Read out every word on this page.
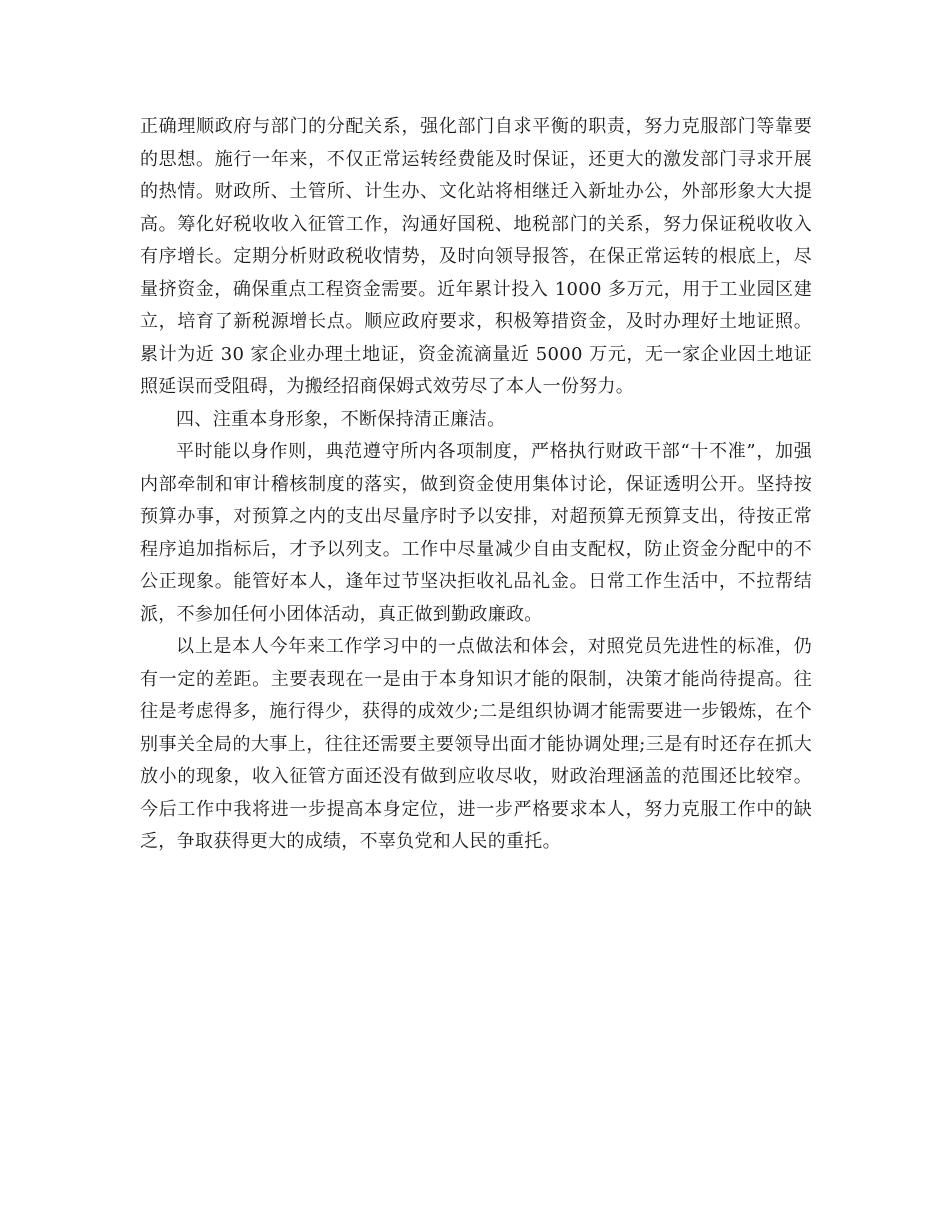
正确理顺政府与部门的分配关系，强化部门自求平衡的职责，努力克服部门等靠要的思想。施行一年来，不仅正常运转经费能及时保证，还更大的激发部门寻求开展的热情。财政所、土管所、计生办、文化站将相继迁入新址办公，外部形象大大提高。筹化好税收收入征管工作，沟通好国税、地税部门的关系，努力保证税收收入有序增长。定期分析财政税收情势，及时向领导报答，在保正常运转的根底上，尽量挤资金，确保重点工程资金需要。近年累计投入 1000 多万元，用于工业园区建立，培育了新税源增长点。顺应政府要求，积极筹措资金，及时办理好土地证照。累计为近 30 家企业办理土地证，资金流滴量近 5000 万元，无一家企业因土地证照延误而受阻碍，为搬经招商保姆式效劳尽了本人一份努力。

四、注重本身形象，不断保持清正廉洁。

平时能以身作则，典范遵守所内各项制度，严格执行财政干部“十不准”，加强内部牵制和审计稽核制度的落实，做到资金使用集体讨论，保证透明公开。坚持按预算办事，对预算之内的支出尽量序时予以安排，对超预算无预算支出，待按正常程序追加指标后，才予以列支。工作中尽量减少自由支配权，防止资金分配中的不公正现象。能管好本人，逢年过节坚决拒收礼品礼金。日常工作生活中，不拉帮结派，不参加任何小团体活动，真正做到勤政廉政。

以上是本人今年来工作学习中的一点做法和体会，对照党员先进性的标准，仍有一定的差距。主要表现在一是由于本身知识才能的限制，决策才能尚待提高。往往是考虑得多，施行得少，获得的成效少;二是组织协调才能需要进一步锻炼，在个别事关全局的大事上，往往还需要主要领导出面才能协调处理;三是有时还存在抓大放小的现象，收入征管方面还没有做到应收尽收，财政治理涵盖的范围还比较窄。今后工作中我将进一步提高本身定位，进一步严格要求本人，努力克服工作中的缺乏，争取获得更大的成绩，不辜负党和人民的重托。
